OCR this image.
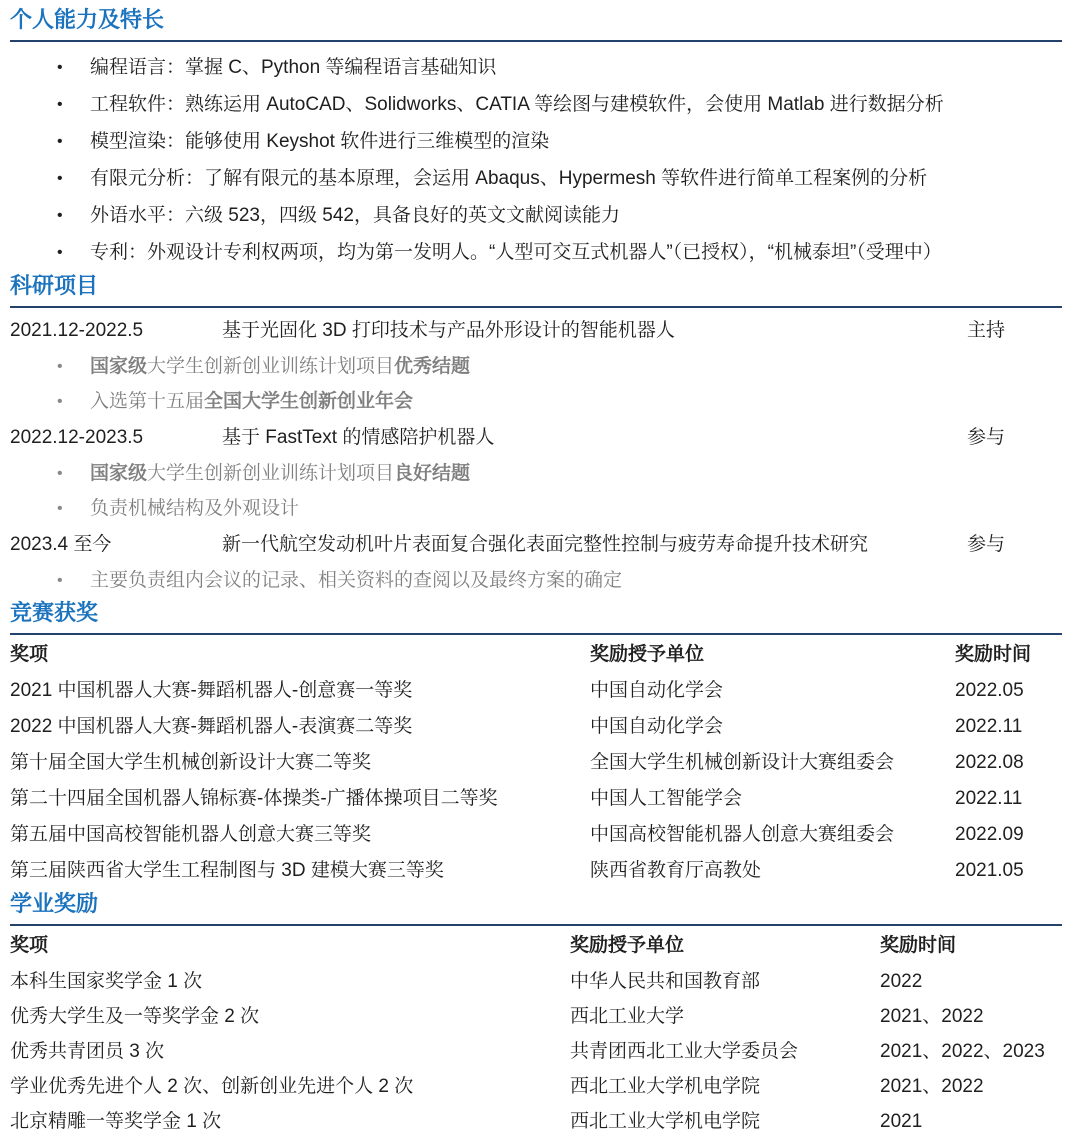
个人能力及特长
• 编程语言：掌握 C、Python 等编程语言基础知识
• 工程软件：熟练运用 AutoCAD、Solidworks、CATIA 等绘图与建模软件，会使用 Matlab 进行数据分析
• 模型渲染：能够使用 Keyshot 软件进行三维模型的渲染
• 有限元分析：了解有限元的基本原理，会运用 Abaqus、Hypermesh 等软件进行简单工程案例的分析
• 外语水平：六级 523，四级 542，具备良好的英文文献阅读能力
• 专利：外观设计专利权两项，均为第一发明人。“人型可交互式机器人”（已授权），“机械泰坦”（受理中）
科研项目
2021.12-2022.5	基于光固化 3D 打印技术与产品外形设计的智能机器人	主持
• 国家级大学生创新创业训练计划项目优秀结题
• 入选第十五届全国大学生创新创业年会
2022.12-2023.5	基于 FastText 的情感陪护机器人	参与
• 国家级大学生创新创业训练计划项目良好结题
• 负责机械结构及外观设计
2023.4 至今	新一代航空发动机叶片表面复合强化表面完整性控制与疲劳寿命提升技术研究	参与
• 主要负责组内会议的记录、相关资料的查阅以及最终方案的确定
竞赛获奖
奖项	奖励授予单位	奖励时间
2021 中国机器人大赛-舞蹈机器人-创意赛一等奖	中国自动化学会	2022.05
2022 中国机器人大赛-舞蹈机器人-表演赛二等奖	中国自动化学会	2022.11
第十届全国大学生机械创新设计大赛二等奖	全国大学生机械创新设计大赛组委会	2022.08
第二十四届全国机器人锦标赛-体操类-广播体操项目二等奖	中国人工智能学会	2022.11
第五届中国高校智能机器人创意大赛三等奖	中国高校智能机器人创意大赛组委会	2022.09
第三届陕西省大学生工程制图与 3D 建模大赛三等奖	陕西省教育厅高教处	2021.05
学业奖励
奖项	奖励授予单位	奖励时间
本科生国家奖学金 1 次	中华人民共和国教育部	2022
优秀大学生及一等奖学金 2 次	西北工业大学	2021、2022
优秀共青团员 3 次	共青团西北工业大学委员会	2021、2022、2023
学业优秀先进个人 2 次、创新创业先进个人 2 次	西北工业大学机电学院	2021、2022
北京精雕一等奖学金 1 次	西北工业大学机电学院	2021
